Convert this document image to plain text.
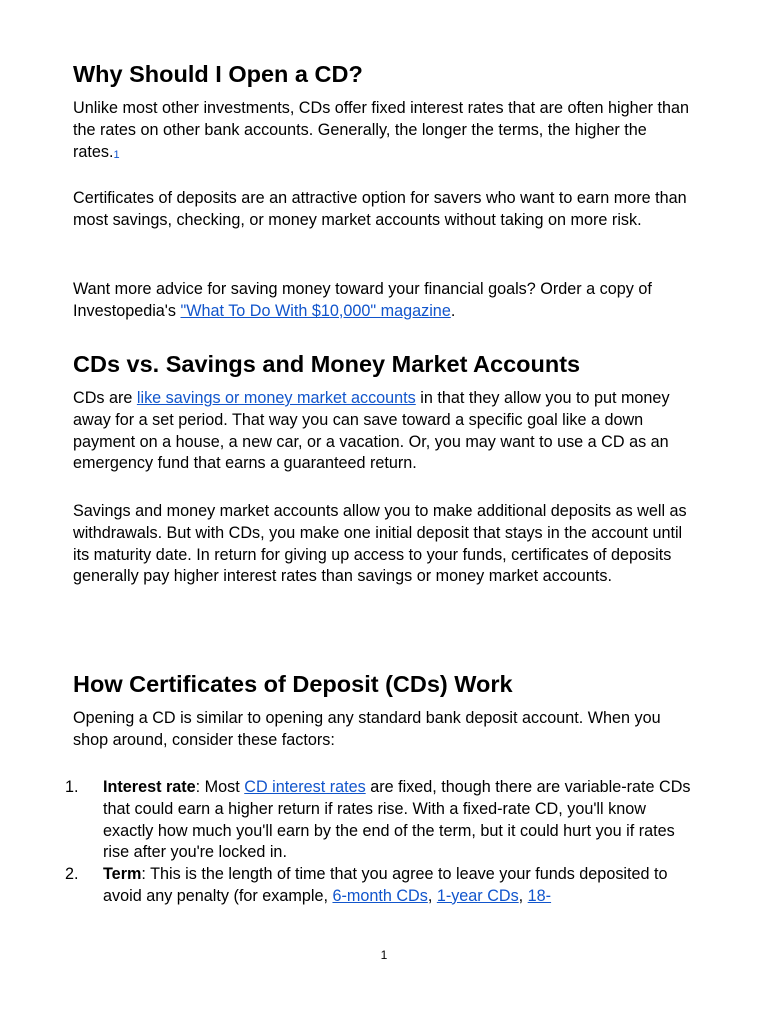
Why Should I Open a CD?

Unlike most other investments, CDs offer fixed interest rates that are often higher than the rates on other bank accounts. Generally, the longer the terms, the higher the rates.$^1$

Certificates of deposits are an attractive option for savers who want to earn more than most savings, checking, or money market accounts without taking on more risk.

Want more advice for saving money toward your financial goals? Order a copy of Investopedia's "What To Do With $10,000" magazine.

CDs vs. Savings and Money Market Accounts

CDs are like savings or money market accounts in that they allow you to put money away for a set period. That way you can save toward a specific goal like a down payment on a house, a new car, or a vacation. Or, you may want to use a CD as an emergency fund that earns a guaranteed return.

Savings and money market accounts allow you to make additional deposits as well as withdrawals. But with CDs, you make one initial deposit that stays in the account until its maturity date. In return for giving up access to your funds, certificates of deposits generally pay higher interest rates than savings or money market accounts.

How Certificates of Deposit (CDs) Work

Opening a CD is similar to opening any standard bank deposit account. When you shop around, consider these factors:

1.	Interest rate: Most CD interest rates are fixed, though there are variable-rate CDs that could earn a higher return if rates rise. With a fixed-rate CD, you'll know exactly how much you'll earn by the end of the term, but it could hurt you if rates rise after you're locked in.
2.	Term: This is the length of time that you agree to leave your funds deposited to avoid any penalty (for example, 6-month CDs, 1-year CDs, 18-
1
